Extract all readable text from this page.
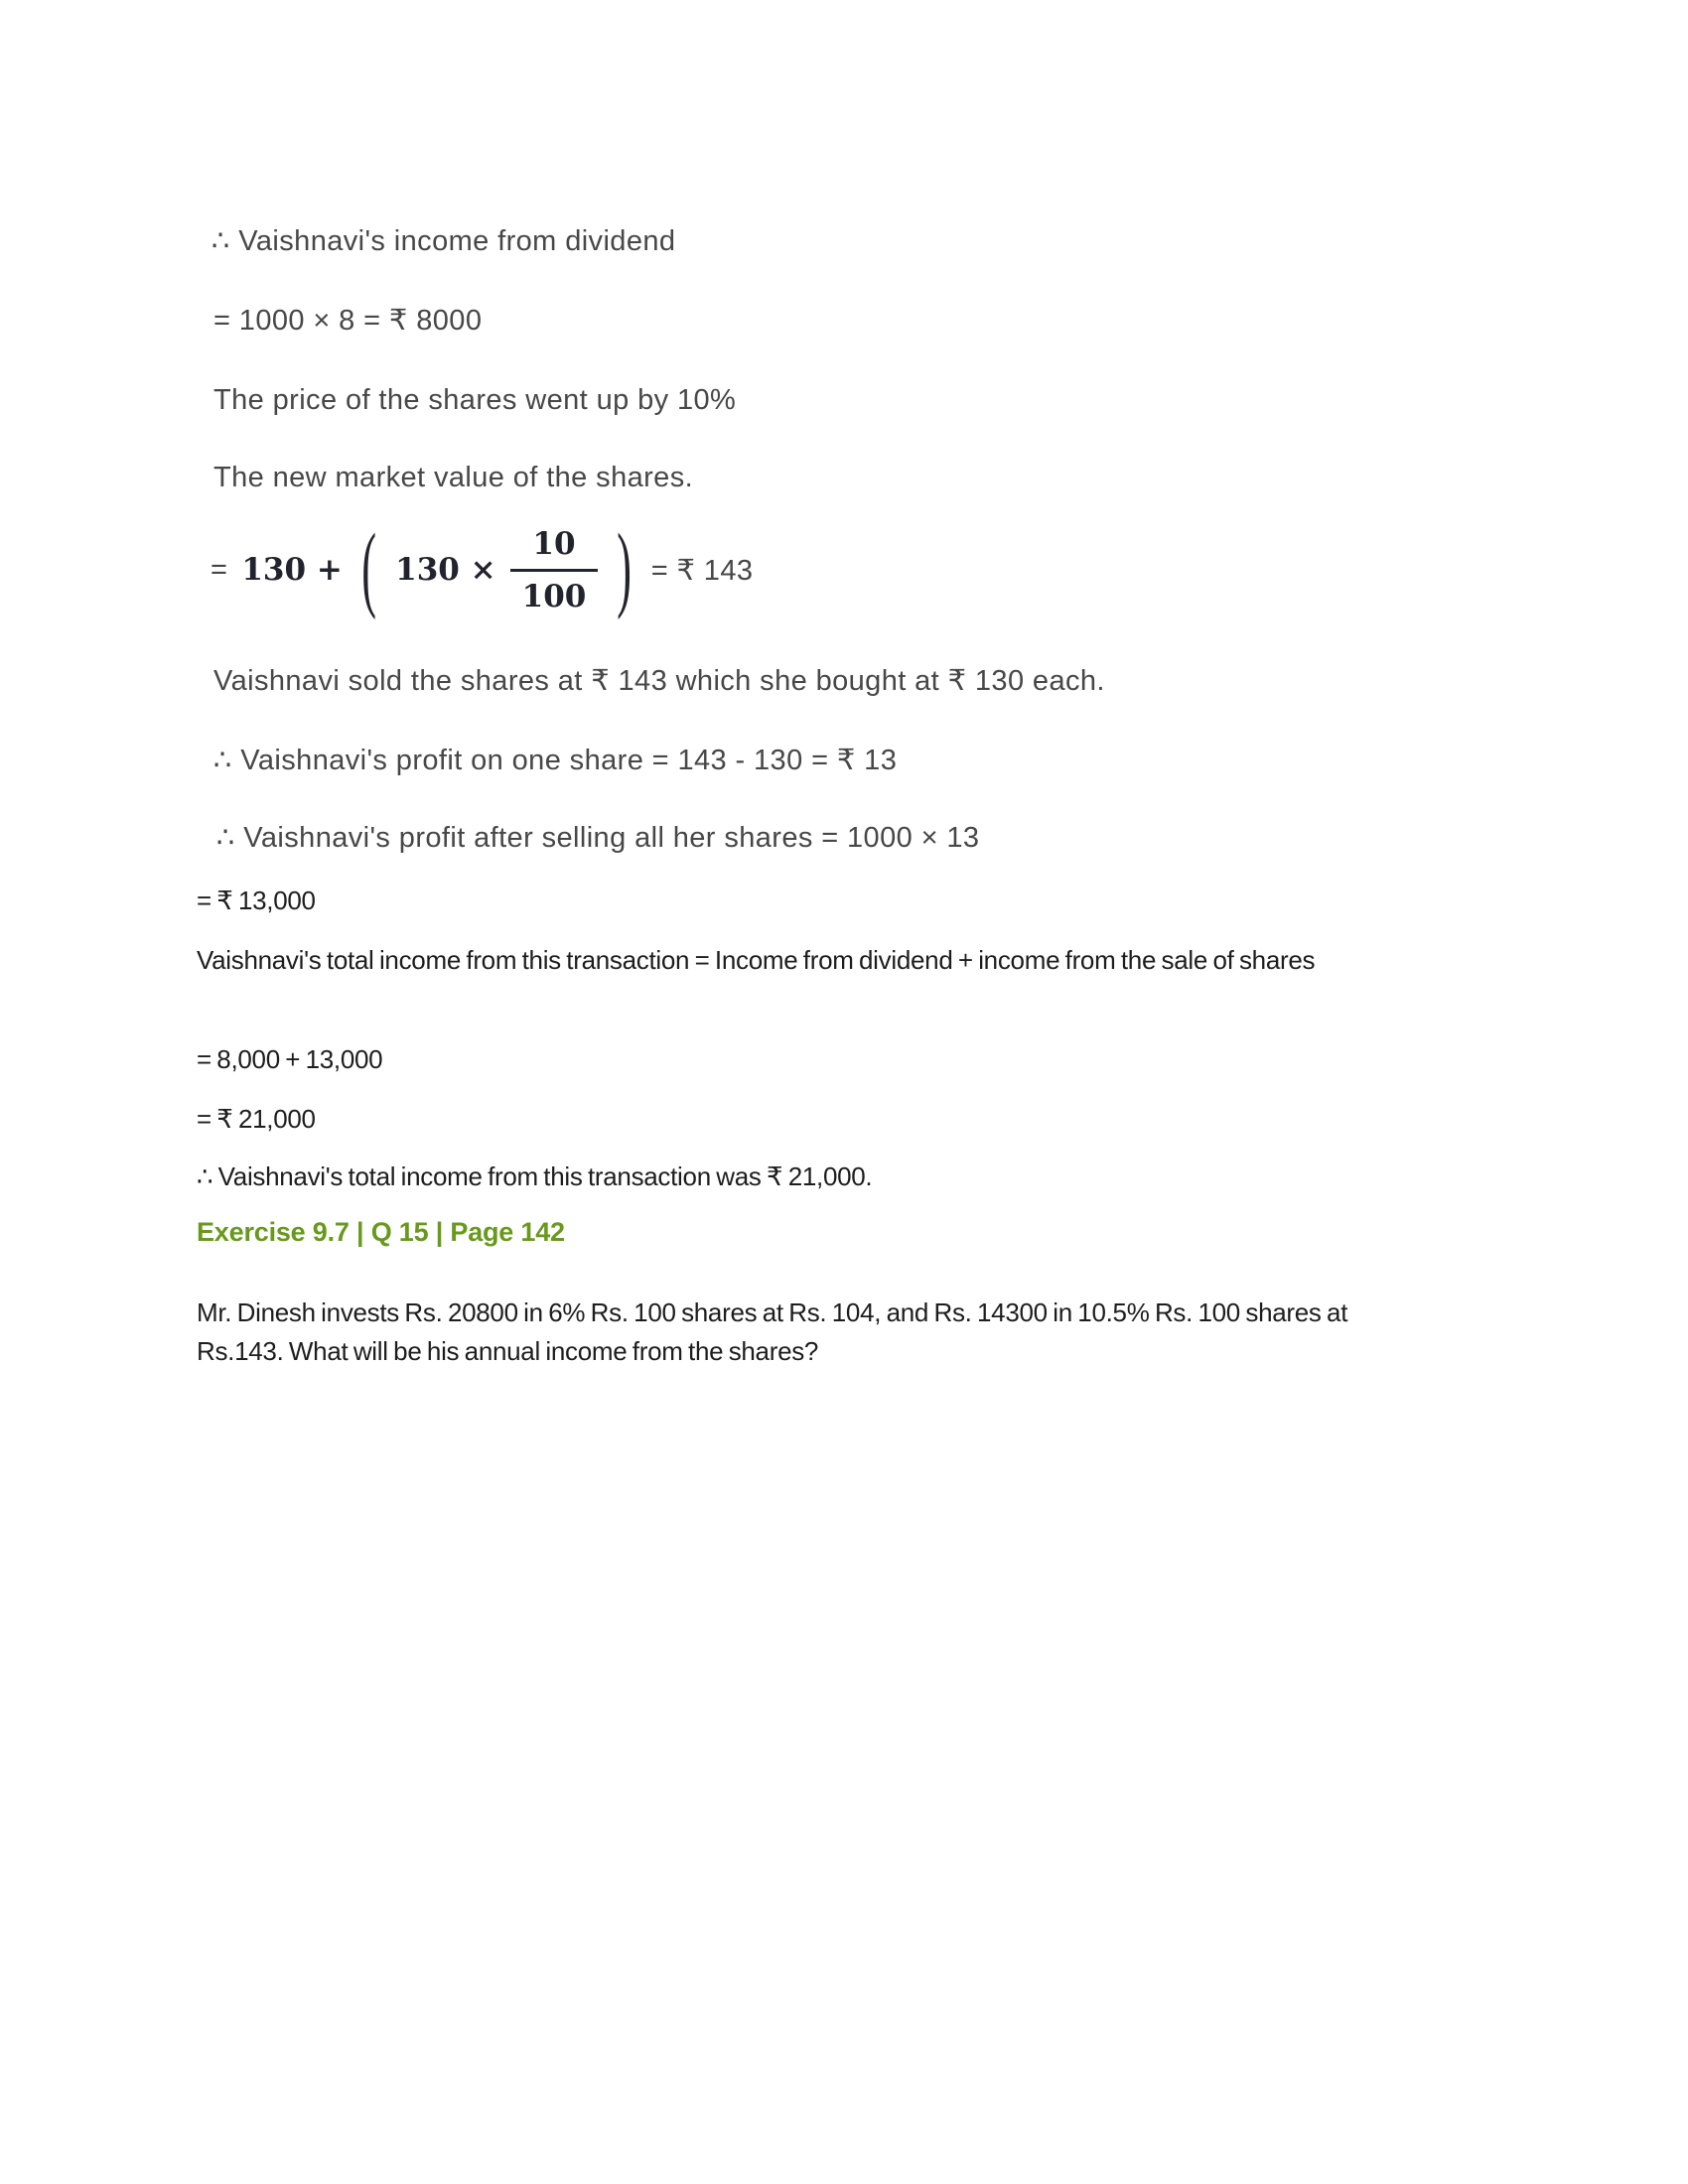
∴ Vaishnavi's income from dividend
= 1000 × 8 = ₹ 8000
The price of the shares went up by 10%
The new market value of the shares.
= 130 + ( $130 \times \frac{10}{100}$ ) = ₹ 143
Vaishnavi sold the shares at ₹ 143 which she bought at ₹ 130 each.
∴ Vaishnavi's profit on one share = 143 - 130 = ₹ 13
∴ Vaishnavi's profit after selling all her shares = 1000 × 13
= ₹ 13,000
Vaishnavi's total income from this transaction = Income from dividend + income from the sale of shares
= 8,000 + 13,000
= ₹ 21,000
∴ Vaishnavi's total income from this transaction was ₹ 21,000.
Exercise 9.7 | Q 15 | Page 142
Mr. Dinesh invests Rs. 20800 in 6% Rs. 100 shares at Rs. 104, and Rs. 14300 in 10.5% Rs. 100 shares at Rs.143. What will be his annual income from the shares?
